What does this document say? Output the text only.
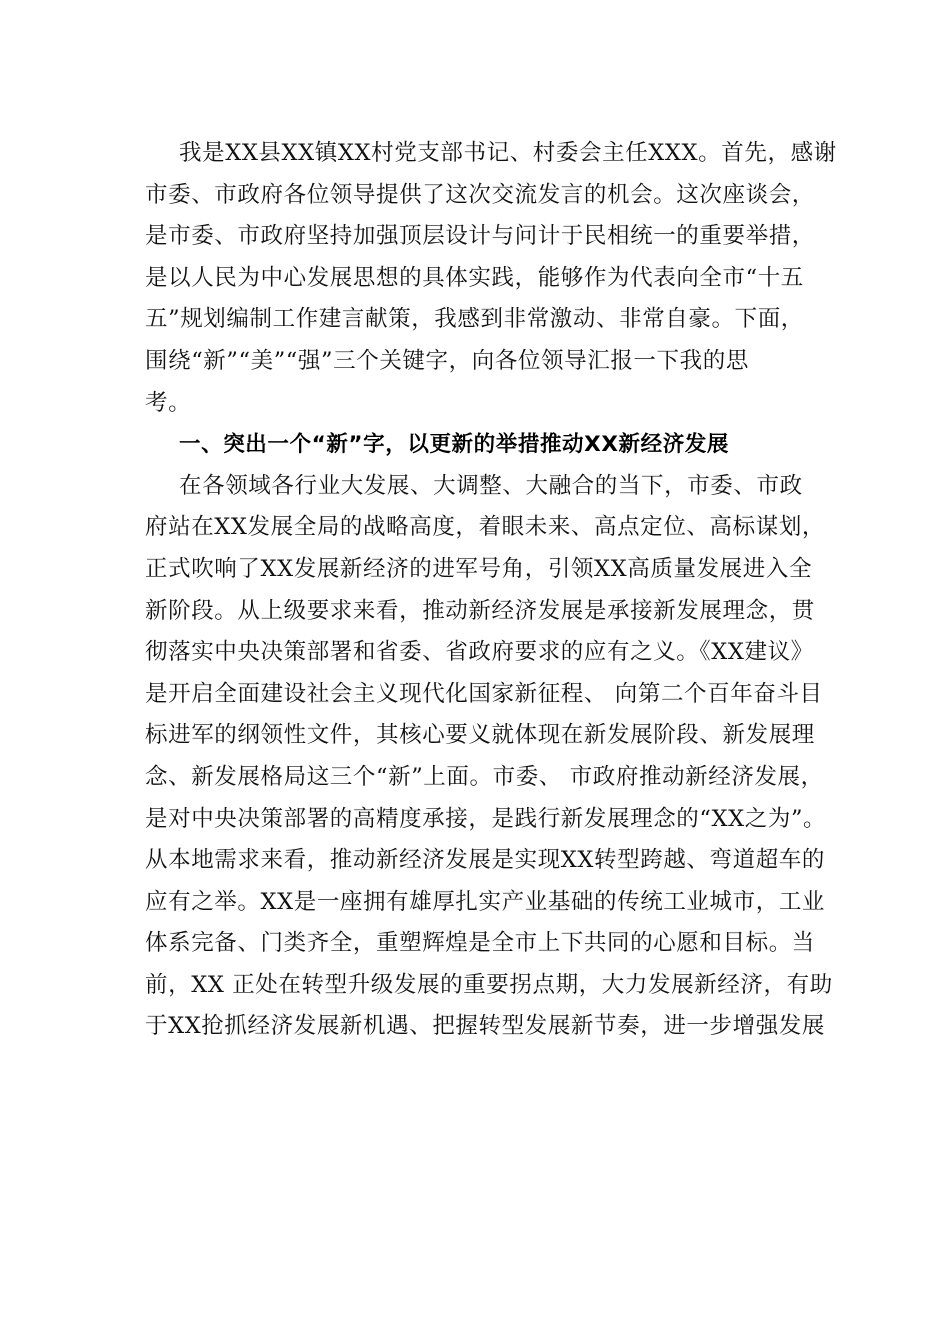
我是XX县XX镇XX村党支部书记、村委会主任XXX。首先，感谢
市委、市政府各位领导提供了这次交流发言的机会。这次座谈会，
是市委、市政府坚持加强顶层设计与问计于民相统一的重要举措，
是以人民为中心发展思想的具体实践，能够作为代表向全市“十五
五”规划编制工作建言献策，我感到非常激动、非常自豪。下面，
围绕“新”“美”“强”三个关键字，向各位领导汇报一下我的思
考。
一、突出一个“新”字，以更新的举措推动XX新经济发展
在各领域各行业大发展、大调整、大融合的当下，市委、市政
府站在XX发展全局的战略高度，着眼未来、高点定位、高标谋划，
正式吹响了XX发展新经济的进军号角，引领XX高质量发展进入全
新阶段。从上级要求来看，推动新经济发展是承接新发展理念，贯
彻落实中央决策部署和省委、省政府要求的应有之义。《XX建议》
是开启全面建设社会主义现代化国家新征程、 向第二个百年奋斗目
标进军的纲领性文件，其核心要义就体现在新发展阶段、新发展理
念、新发展格局这三个“新”上面。市委、 市政府推动新经济发展，
是对中央决策部署的高精度承接，是践行新发展理念的“XX之为”。
从本地需求来看，推动新经济发展是实现XX转型跨越、弯道超车的
应有之举。XX是一座拥有雄厚扎实产业基础的传统工业城市，工业
体系完备、门类齐全，重塑辉煌是全市上下共同的心愿和目标。当
前，XX 正处在转型升级发展的重要拐点期，大力发展新经济，有助
于XX抢抓经济发展新机遇、把握转型发展新节奏，进一步增强发展
